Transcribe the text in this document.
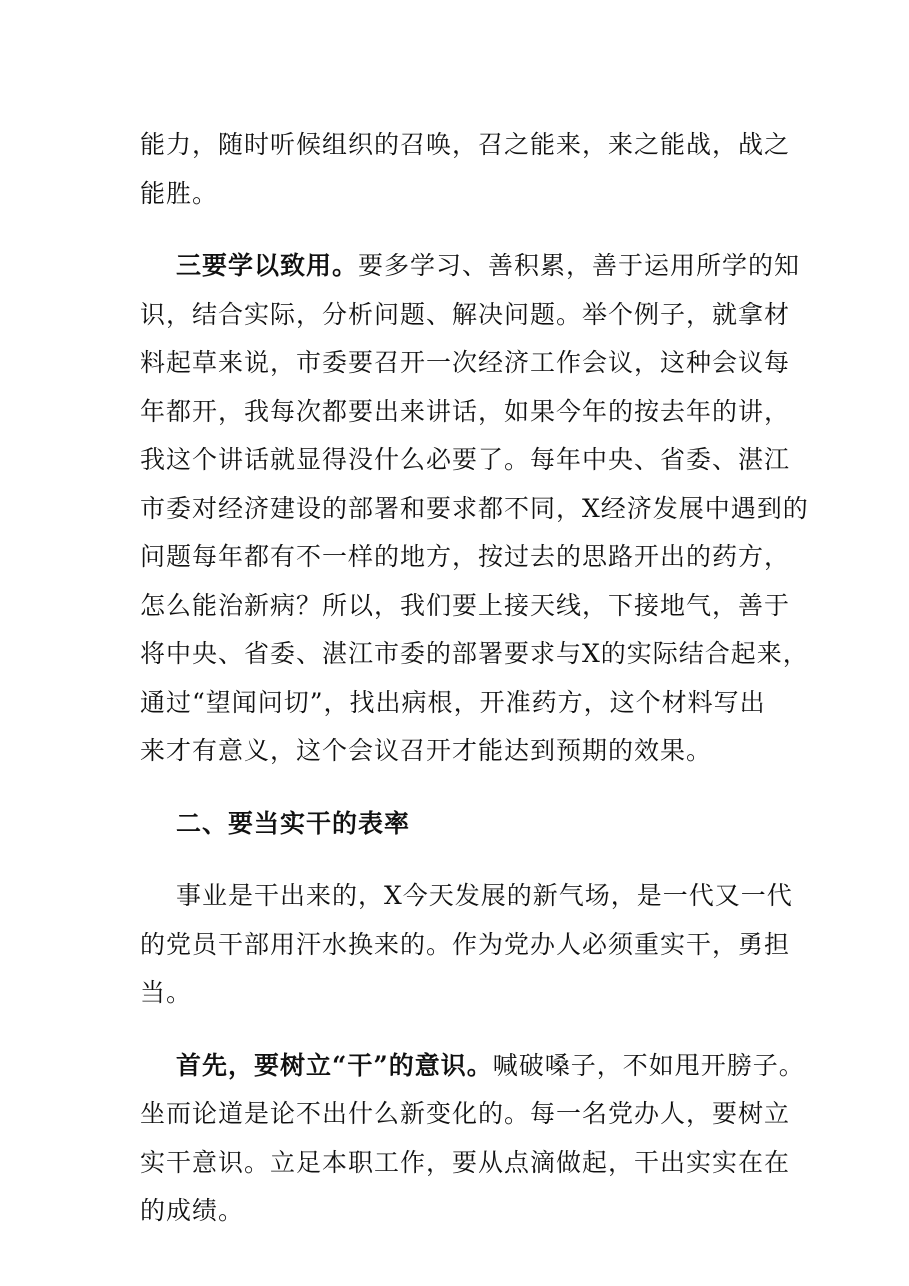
能力，随时听候组织的召唤，召之能来，来之能战，战之
能胜。
三要学以致用。要多学习、善积累，善于运用所学的知
识，结合实际，分析问题、解决问题。举个例子，就拿材
料起草来说，市委要召开一次经济工作会议，这种会议每
年都开，我每次都要出来讲话，如果今年的按去年的讲，
我这个讲话就显得没什么必要了。每年中央、省委、湛江
市委对经济建设的部署和要求都不同，X经济发展中遇到的
问题每年都有不一样的地方，按过去的思路开出的药方，
怎么能治新病？所以，我们要上接天线，下接地气，善于
将中央、省委、湛江市委的部署要求与X的实际结合起来，
通过“望闻问切”，找出病根，开准药方，这个材料写出
来才有意义，这个会议召开才能达到预期的效果。
二、要当实干的表率
事业是干出来的，X今天发展的新气场，是一代又一代
的党员干部用汗水换来的。作为党办人必须重实干，勇担
当。
首先，要树立“干”的意识。喊破嗓子，不如甩开膀子。
坐而论道是论不出什么新变化的。每一名党办人，要树立
实干意识。立足本职工作，要从点滴做起，干出实实在在
的成绩。
